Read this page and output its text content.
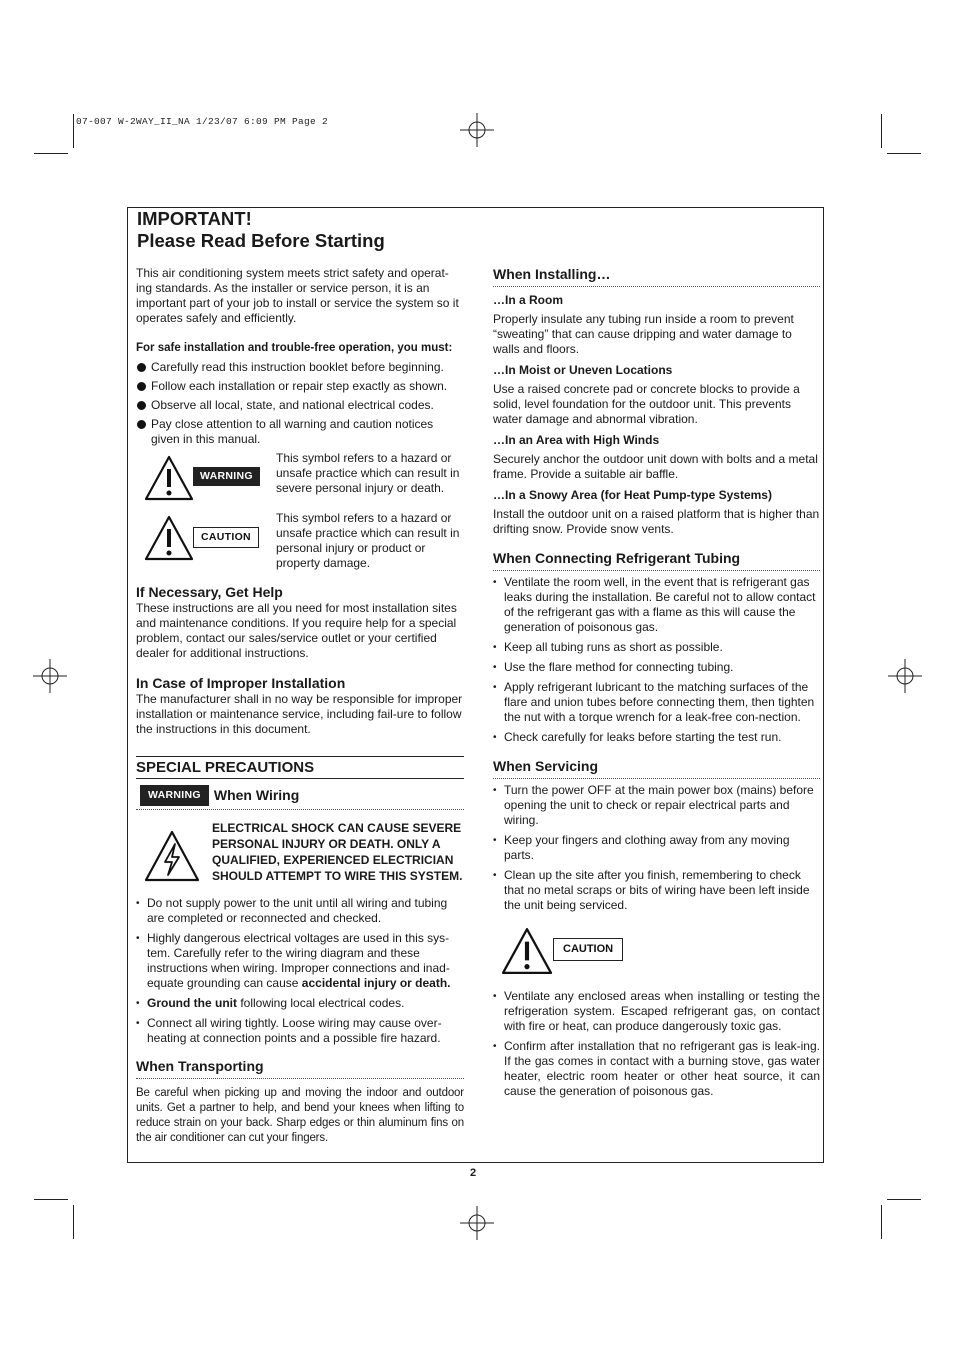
07-007 W-2WAY_II_NA 1/23/07 6:09 PM Page 2
IMPORTANT!
Please Read Before Starting

This air conditioning system meets strict safety and operat-ing standards. As the installer or service person, it is an important part of your job to install or service the system so it operates safely and efficiently.

For safe installation and trouble-free operation, you must:

Carefully read this instruction booklet before beginning.
Follow each installation or repair step exactly as shown.
Observe all local, state, and national electrical codes.
Pay close attention to all warning and caution notices given in this manual.
WARNING

This symbol refers to a hazard or unsafe practice which can result in severe personal injury or death.

CAUTION

This symbol refers to a hazard or unsafe practice which can result in personal injury or product or property damage.

If Necessary, Get Help

These instructions are all you need for most installation sites and maintenance conditions. If you require help for a special problem, contact our sales/service outlet or your certified dealer for additional instructions.

In Case of Improper Installation

The manufacturer shall in no way be responsible for improper installation or maintenance service, including fail-ure to follow the instructions in this document.

SPECIAL PRECAUTIONS
WARNING When Wiring

ELECTRICAL SHOCK CAN CAUSE SEVERE PERSONAL INJURY OR DEATH. ONLY A QUALIFIED, EXPERIENCED ELECTRICIAN SHOULD ATTEMPT TO WIRE THIS SYSTEM.

• Do not supply power to the unit until all wiring and tubing are completed or reconnected and checked.
• Highly dangerous electrical voltages are used in this sys-tem. Carefully refer to the wiring diagram and these instructions when wiring. Improper connections and inad-equate grounding can cause accidental injury or death.
• Ground the unit following local electrical codes.
• Connect all wiring tightly. Loose wiring may cause over-heating at connection points and a possible fire hazard.

When Transporting

Be careful when picking up and moving the indoor and outdoor units. Get a partner to help, and bend your knees when lifting to reduce strain on your back. Sharp edges or thin aluminum fins on the air conditioner can cut your fingers.

When Installing…

…In a Room

Properly insulate any tubing run inside a room to prevent “sweating” that can cause dripping and water damage to walls and floors.

…In Moist or Uneven Locations

Use a raised concrete pad or concrete blocks to provide a solid, level foundation for the outdoor unit. This prevents water damage and abnormal vibration.

…In an Area with High Winds

Securely anchor the outdoor unit down with bolts and a metal frame. Provide a suitable air baffle.

…In a Snowy Area (for Heat Pump-type Systems)

Install the outdoor unit on a raised platform that is higher than drifting snow. Provide snow vents.

When Connecting Refrigerant Tubing

• Ventilate the room well, in the event that is refrigerant gas leaks during the installation. Be careful not to allow contact of the refrigerant gas with a flame as this will cause the generation of poisonous gas.
• Keep all tubing runs as short as possible.
• Use the flare method for connecting tubing.
• Apply refrigerant lubricant to the matching surfaces of the flare and union tubes before connecting them, then tighten the nut with a torque wrench for a leak-free con-nection.
• Check carefully for leaks before starting the test run.

When Servicing

• Turn the power OFF at the main power box (mains) before opening the unit to check or repair electrical parts and wiring.
• Keep your fingers and clothing away from any moving parts.
• Clean up the site after you finish, remembering to check that no metal scraps or bits of wiring have been left inside the unit being serviced.
CAUTION
• Ventilate any enclosed areas when installing or testing the refrigeration system. Escaped refrigerant gas, on contact with fire or heat, can produce dangerously toxic gas.
• Confirm after installation that no refrigerant gas is leak-ing. If the gas comes in contact with a burning stove, gas water heater, electric room heater or other heat source, it can cause the generation of poisonous gas.
2
